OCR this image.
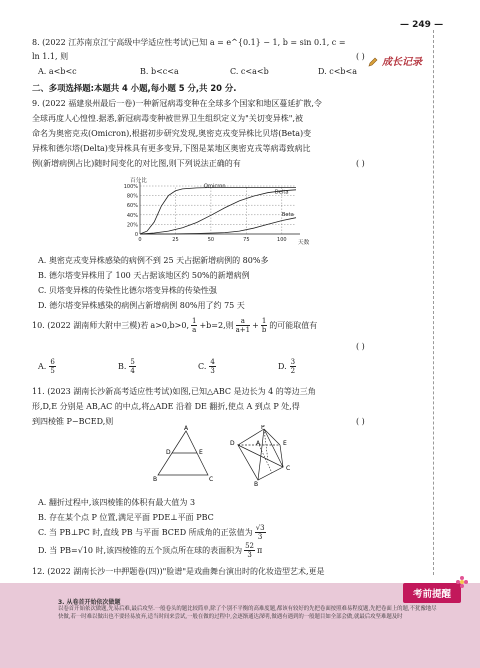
— 249 —
成长记录
8. (2022 江苏南京江宁高级中学适应性考试)已知 a = e^{0.1} − 1, b = sin 0.1, c =
ln 1.1, 则	( )
A. a<b<c	B. b<c<a	C. c<a<b	D. c<b<a
二、多项选择题:本题共 4 小题,每小题 5 分,共 20 分.
9. (2022 福建泉州最后一卷)一种新冠病毒变种在全球多个国家和地区蔓延扩散,令
全球再度人心惶惶.据悉,新冠病毒变种被世界卫生组织定义为"关切变异株",被
命名为奥密克戎(Omicron),根据初步研究发现,奥密克戎变异株比贝塔(Beta)变
异株和德尔塔(Delta)变异株具有更多变异,下图是某地区奥密克戎等病毒致病比
例(新增病例占比)随时间变化的对比图,则下列说法正确的有	( )
百分比
天数
0
20%
40%
60%
80%
100%
0	25	50	75	100
Omicron
Delta
Beta
A. 奥密克戎变异株感染的病例不到 25 天占据新增病例的 80%多
B. 德尔塔变异株用了 100 天占据该地区约 50%的新增病例
C. 贝塔变异株的传染性比德尔塔变异株的传染性强
D. 德尔塔变异株感染的病例占新增病例 80%用了约 75 天
10. (2022 湖南师大附中三模)若 a>0,b>0, $\frac{1}{a} +b=2$,则 $\frac{a}{a+1} + \frac{1}{b}$ 的可能取值有
( )
A. $\frac{6}{5}$	B. $\frac{5}{4}$	C. $\frac{4}{3}$	D. $\frac{3}{2}$
11. (2023 湖南长沙新高考适应性考试)如图,已知△ABC 是边长为 4 的等边三角
形,D,E 分别是 AB,AC 的中点,将△ADE 沿着 DE 翻折,使点 A 到点 P 处,得
到四棱锥 P−BCED,则	( )
A
D	E
B	C
P
D	E
B
C
A
A. 翻折过程中,该四棱锥的体积有最大值为 3
B. 存在某个点 P 位置,满足平面 PDE⊥平面 PBC
C. 当 PB⊥PC 时,直线 PB 与平面 BCED 所成角的正弦值为 $\frac{√3}{3}$
D. 当 PB=√10 时,该四棱锥的五个顶点所在球的表面积为 $\frac{52}{3}$ π
12. (2022 湖南长沙一中押题卷(四))"脸谱"是戏曲舞台演出时的化妆造型艺术,更是
考前提醒
3. 从卷首开始依次做题
以卷首开始依次做题,先易后难,最后攻坚.一般卷头的题比较简单,除了个别不平衡的高难度题,都该有较好的先把卷面按照难易程度题,先把卷面上的题,不犹豫地尽快做,若一时难以做出也不要轻易放弃,适当时间来尝试,一般在做的过程中,会逐渐通达深明,做遇有遇到的一般题目如全部会做,就最后攻坚难题及时
